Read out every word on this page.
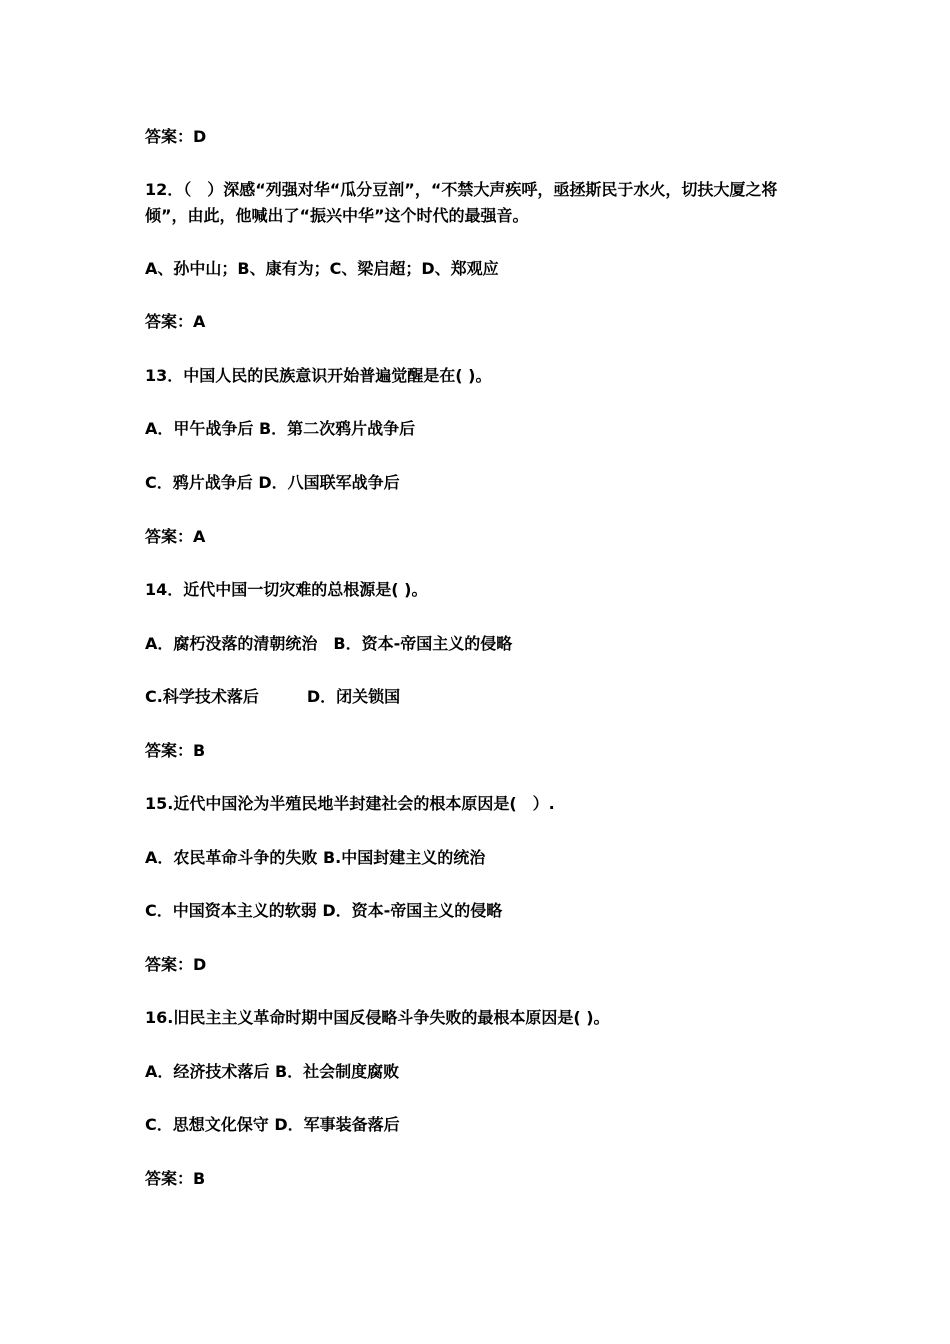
答案：D
12．（　）深感“列强对华“瓜分豆剖”，“不禁大声疾呼，亟拯斯民于水火，切扶大厦之将倾”，由此，他喊出了“振兴中华”这个时代的最强音。
A、孙中山；B、康有为；C、梁启超；D、郑观应
答案：A
13．中国人民的民族意识开始普遍觉醒是在( )。
A．甲午战争后 B．第二次鸦片战争后
C．鸦片战争后 D．八国联军战争后
答案：A
14．近代中国一切灾难的总根源是( )。
A．腐朽没落的清朝统治　B．资本-帝国主义的侵略
C.科学技术落后　　　D．闭关锁国
答案：B
15.近代中国沦为半殖民地半封建社会的根本原因是(　）.
A．农民革命斗争的失败 B.中国封建主义的统治
C．中国资本主义的软弱 D．资本-帝国主义的侵略
答案：D
16.旧民主主义革命时期中国反侵略斗争失败的最根本原因是( )。
A．经济技术落后 B．社会制度腐败
C．思想文化保守 D．军事装备落后
答案：B
